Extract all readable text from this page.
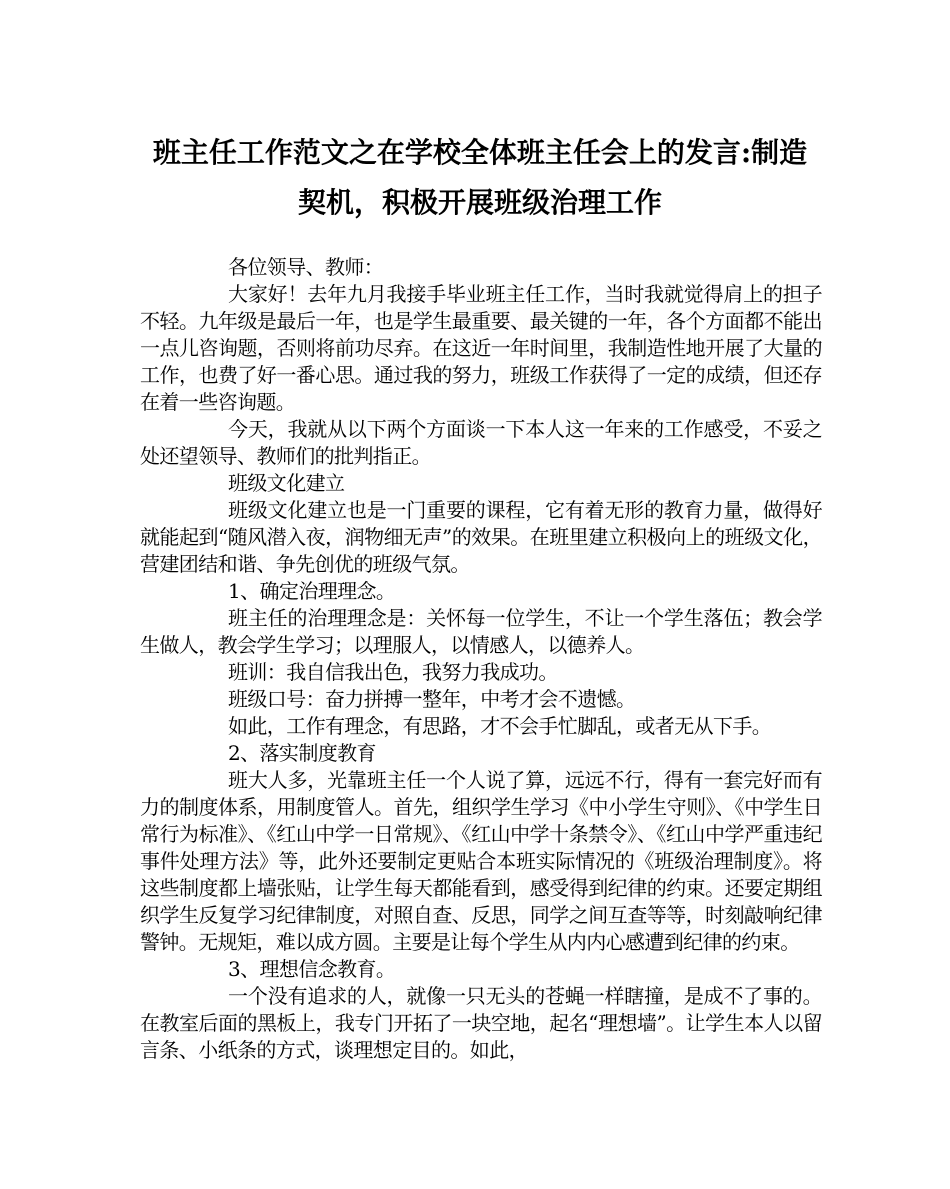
班主任工作范文之在学校全体班主任会上的发言:制造
契机，积极开展班级治理工作

各位领导、教师：

大家好！去年九月我接手毕业班主任工作，当时我就觉得肩上的担子不轻。九年级是最后一年，也是学生最重要、最关键的一年，各个方面都不能出一点儿咨询题，否则将前功尽弃。在这近一年时间里，我制造性地开展了大量的工作，也费了好一番心思。通过我的努力，班级工作获得了一定的成绩，但还存在着一些咨询题。

今天，我就从以下两个方面谈一下本人这一年来的工作感受，不妥之处还望领导、教师们的批判指正。

班级文化建立

班级文化建立也是一门重要的课程，它有着无形的教育力量，做得好就能起到“随风潜入夜，润物细无声”的效果。在班里建立积极向上的班级文化，营建团结和谐、争先创优的班级气氛。

1、确定治理理念。

班主任的治理理念是：关怀每一位学生，不让一个学生落伍；教会学生做人，教会学生学习；以理服人，以情感人，以德养人。

班训：我自信我出色，我努力我成功。

班级口号：奋力拼搏一整年，中考才会不遗憾。

如此，工作有理念，有思路，才不会手忙脚乱，或者无从下手。

2、落实制度教育

班大人多，光靠班主任一个人说了算，远远不行，得有一套完好而有力的制度体系，用制度管人。首先，组织学生学习《中小学生守则》、《中学生日常行为标准》、《红山中学一日常规》、《红山中学十条禁令》、《红山中学严重违纪事件处理方法》等，此外还要制定更贴合本班实际情况的《班级治理制度》。将这些制度都上墙张贴，让学生每天都能看到，感受得到纪律的约束。还要定期组织学生反复学习纪律制度，对照自查、反思，同学之间互查等等，时刻敲响纪律警钟。无规矩，难以成方圆。主要是让每个学生从内内心感遭到纪律的约束。

3、理想信念教育。

一个没有追求的人，就像一只无头的苍蝇一样瞎撞，是成不了事的。在教室后面的黑板上，我专门开拓了一块空地，起名“理想墙”。让学生本人以留言条、小纸条的方式，谈理想定目的。如此，
